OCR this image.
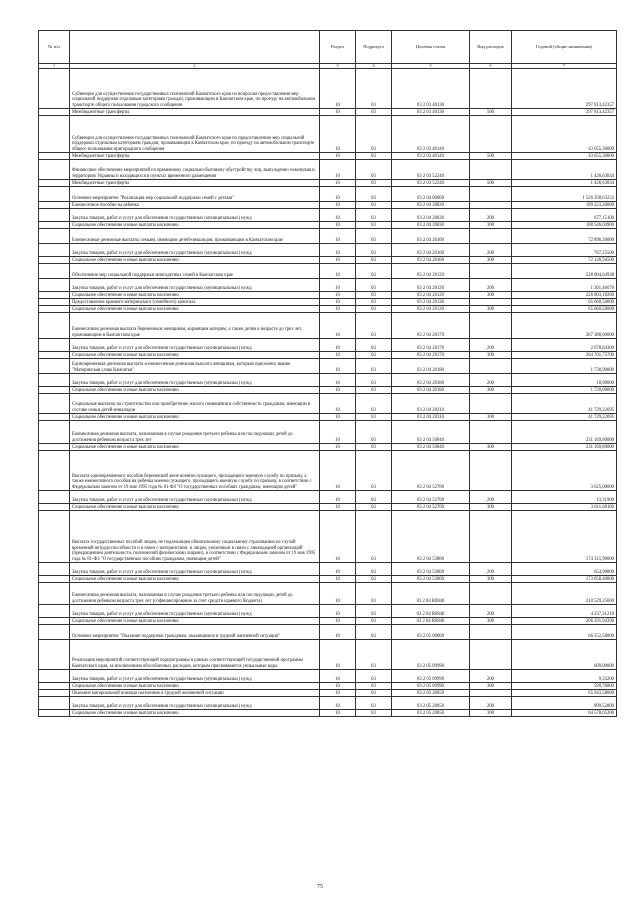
№ п/п		Раздел	Подраздел	Целевая статья	Вид расходов	Годовой (общие назначения)
1	2	3	4	5	6	7
	Субвенции для осуществления государственных полномочий Камчатского края по вопросам предоставления мер социальной поддержки отдельным категориям граждан, проживающим в Камчатском крае, по проезду на автомобильном транспорте общего пользования городского сообщения	10	03	03 2 03 40130		297 813,42357
	Межбюджетные трансферты	10	03	03 2 03 40130	500	297 813,42357
	Субвенции для осуществления государственных полномочий Камчатского края по предоставлению мер социальной поддержки отдельным категориям граждан, проживающим в Камчатском крае, по проезду на автомобильном транспорте общего пользования пригородного сообщения	10	03	03 2 03 40140		43 655,30000
	Межбюджетные трансферты	10	03	03 2 03 40140	500	43 655,30000
	Финансовое обеспечение мероприятий по временному социально-бытовому обустройству лиц, вынужденно покинувших территорию Украины и находящихся в пунктах временного размещения	10	03	03 2 03 52240		1 426,63834
	Межбюджетные трансферты	10	03	03 2 03 52240	500	1 426,63834
	Основное мероприятие "Реализация мер социальной поддержки семей с детьми"	10	03	03 2 04 00000		1 526 358,63233
	Ежемесячное пособие на ребенка	10	03	03 2 04 20030		189 223,20000
	Закупка товаров, работ и услуг для обеспечения государственных (муниципальных) нужд	10	03	03 2 04 20030	200	677,15100
	Социальное обеспечение и иные выплаты населению	10	03	03 2 04 20030	300	188 546,04900
	Ежемесячные денежные выплаты семьям, имеющим детей-инвалидов, проживающим в Камчатском крае	10	03	03 2 04 20100		72 896,20000
	Закупка товаров, работ и услуг для обеспечения государственных (муниципальных) нужд	10	03	03 2 04 20100	200	767,25500
	Социальное обеспечение и иные выплаты населению	10	03	03 2 04 20100	300	72 128,94500
	Обеспечение мер социальной поддержки многодетных семей в Камчатском крае	10	03	03 2 04 20120		228 004,64938
	Закупка товаров, работ и услуг для обеспечения государственных (муниципальных) нужд	10	03	03 2 04 20120	200	1 201,46678
	Социальное обеспечение и иные выплаты населению	10	03	03 2 04 20120	300	226 803,18260
	Предоставление краевого материнского (семейного) капитала	10	03	03 2 04 20130		65 660,50000
	Социальное обеспечение и иные выплаты населению	10	03	03 2 04 20130	300	65 660,50000
	Ежемесячная денежная выплата беременным женщинам, кормящим матерям, а также детям в возрасте до трех лет, проживающим в Камчатском крае	10	03	03 2 04 20170		367 380,60000
	Закупка товаров, работ и услуг для обеспечения государственных (муниципальных) нужд	10	03	03 2 04 20170	200	2 678,84300
	Социальное обеспечение и иные выплаты населению	10	03	03 2 04 20170	300	364 701,75700
	Единовременная денежная выплата и ежемесячная денежная выплата женщинам, которым присвоено звание "Материнская слава Камчатки"	10	03	03 2 04 20180		1 738,90000
	Закупка товаров, работ и услуг для обеспечения государственных (муниципальных) нужд	10	03	03 2 04 20180	200	18,90000
	Социальное обеспечение и иные выплаты населению	10	03	03 2 04 20180	300	1 720,00000
	Социальные выплаты на строительство или приобретение жилого помещения в собственность гражданам, имеющим в составе семьи детей-инвалидов	10	03	03 2 04 20310		41 729,22695
	Социальное обеспечение и иные выплаты населению	10	03	03 2 04 20310	300	41 729,22695
	Ежемесячная денежная выплата, назначаемая в случае рождения третьего ребенка или последующих детей до достижения ребенком возраста трех лет	10	03	03 2 04 50840		231 169,80000
	Социальное обеспечение и иные выплаты населению	10	03	03 2 04 50840	300	231 169,80000
	Выплата единовременного пособия беременной жене военнослужащего, проходящего военную службу по призыву, а также ежемесячного пособия на ребенка военнослужащего, проходящего военную службу по призыву, в соответствии с Федеральным законом от 19 мая 1995 года № 81-ФЗ "О государственных пособиях гражданам, имеющим детей"	10	03	03 2 04 52700		3 625,00000
	Закупка товаров, работ и услуг для обеспечения государственных (муниципальных) нужд	10	03	03 2 04 52700	200	13,31900
	Социальное обеспечение и иные выплаты населению	10	03	03 2 04 52700	300	3 611,68100
	Выплата государственных пособий лицам, не подлежащим обязательному социальному страхованию на случай временной нетрудоспособности и в связи с материнством, и лицам, уволенным в связи с ликвидацией организаций (прекращением деятельности, полномочий физическими лицами), в соответствии с Федеральным законом от 19 мая 1995 года № 81-ФЗ "О государственных пособиях гражданам, имеющим детей"	10	03	03 2 04 53800		174 315,90000
	Закупка товаров, работ и услуг для обеспечения государственных (муниципальных) нужд	10	03	03 2 04 53800	200	654,90000
	Социальное обеспечение и иные выплаты населению	10	03	03 2 04 53800	300	173 658,40000
	Ежемесячная денежная выплата, назначаемая в случае рождения третьего ребенка или последующих детей до достижения ребенком возраста трех лет (софинансирование за счет средств краевого бюджета)	10	03	03 2 04 R0840		210 529,25600
	Закупка товаров, работ и услуг для обеспечения государственных (муниципальных) нужд	10	03	03 2 04 R0840	200	4 237,31210
	Социальное обеспечение и иные выплаты населению	10	03	03 2 04 R0840	300	206 291,94390
	Основное мероприятие "Оказание поддержки гражданам, оказавшимся в трудной жизненной ситуации"	10	03	03 2 05 00000		66 552,58000
	Реализация мероприятий соответствующей подпрограммы в рамках соответствующей государственной программы Камчатского края, за исключением обособленных расходов, которым присваиваются уникальные коды	10	03	03 2 05 09990		609,00000
	Закупка товаров, работ и услуг для обеспечения государственных (муниципальных) нужд	10	03	03 2 05 09990	200	9,33200
	Социальное обеспечение и иные выплаты населению	10	03	03 2 05 09990	300	599,76800
	Оказание материальной помощи населению в трудной жизненной ситуации	10	03	03 2 05 20050		65 943,58000
	Закупка товаров, работ и услуг для обеспечения государственных (муниципальных) нужд	10	03	03 2 05 20050	200	899,52800
	Социальное обеспечение и иные выплаты населению	10	03	03 2 05 20050	300	64 578,05200
75
